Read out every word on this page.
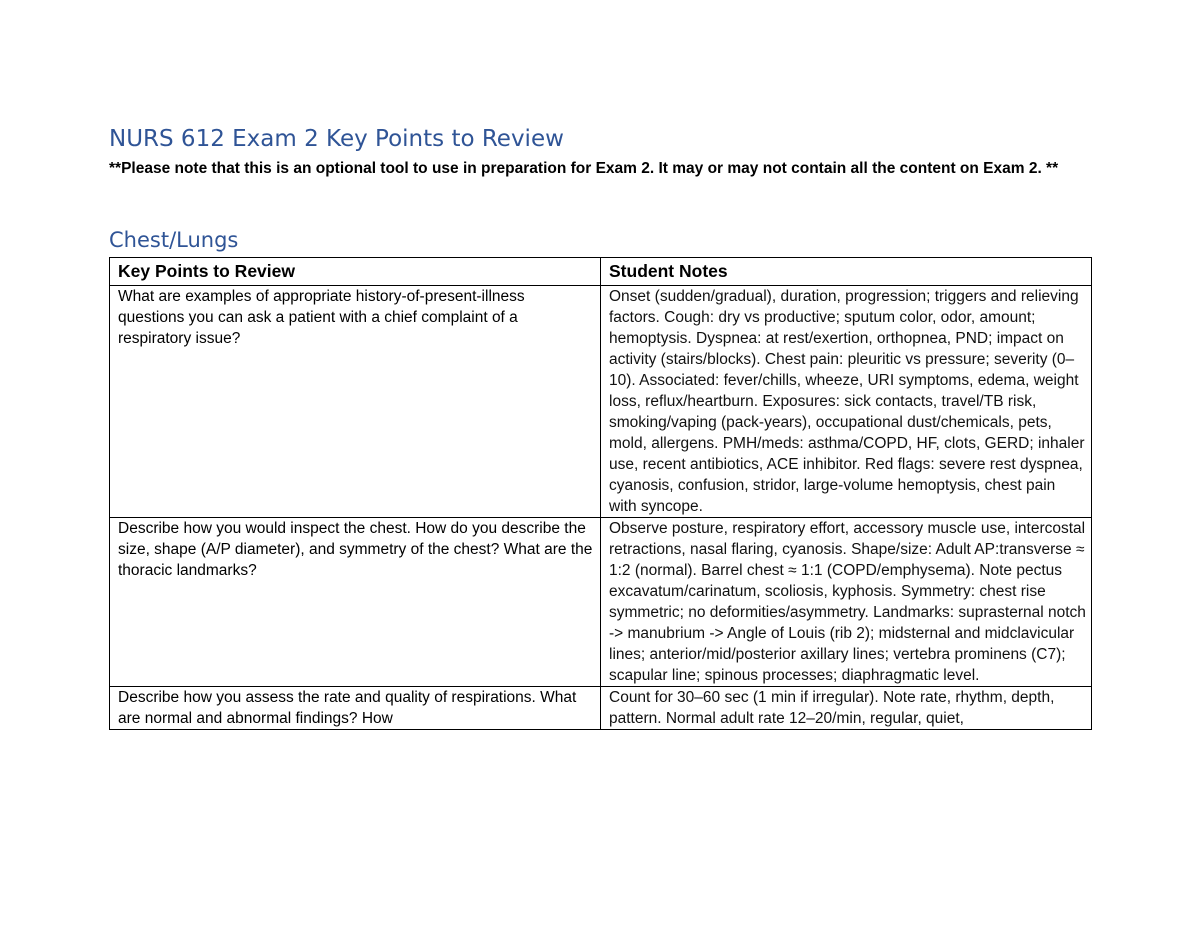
NURS 612 Exam 2 Key Points to Review

**Please note that this is an optional tool to use in preparation for Exam 2. It may or may not contain all the content on Exam 2. **

Chest/Lungs
Key Points to Review	Student Notes
What are examples of appropriate history-of-present-illness questions you can ask a patient with a chief complaint of a respiratory issue?	Onset (sudden/gradual), duration, progression; triggers and relieving factors. Cough: dry vs productive; sputum color, odor, amount; hemoptysis. Dyspnea: at rest/exertion, orthopnea, PND; impact on activity (stairs/blocks). Chest pain: pleuritic vs pressure; severity (0–10). Associated: fever/chills, wheeze, URI symptoms, edema, weight loss, reflux/heartburn. Exposures: sick contacts, travel/TB risk, smoking/vaping (pack-years), occupational dust/chemicals, pets, mold, allergens. PMH/meds: asthma/COPD, HF, clots, GERD; inhaler use, recent antibiotics, ACE inhibitor. Red flags: severe rest dyspnea, cyanosis, confusion, stridor, large-volume hemoptysis, chest pain with syncope.
Describe how you would inspect the chest. How do you describe the size, shape (A/P diameter), and symmetry of the chest? What are the thoracic landmarks?	Observe posture, respiratory effort, accessory muscle use, intercostal retractions, nasal flaring, cyanosis. Shape/size: Adult AP:transverse ≈ 1:2 (normal). Barrel chest ≈ 1:1 (COPD/emphysema). Note pectus excavatum/carinatum, scoliosis, kyphosis. Symmetry: chest rise symmetric; no deformities/asymmetry. Landmarks: suprasternal notch -> manubrium -> Angle of Louis (rib 2); midsternal and midclavicular lines; anterior/mid/posterior axillary lines; vertebra prominens (C7); scapular line; spinous processes; diaphragmatic level.

Describe how you assess the rate and quality of respirations. What are normal and abnormal findings? How	Count for 30–60 sec (1 min if irregular). Note rate, rhythm, depth, pattern. Normal adult rate 12–20/min, regular, quiet,
